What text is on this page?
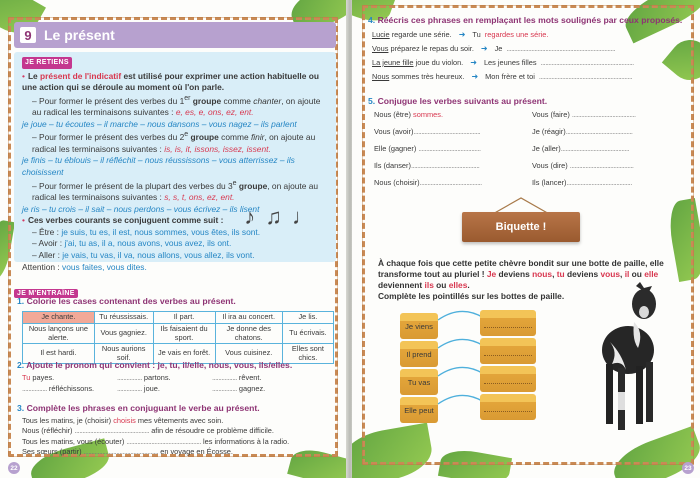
9 Le présent
JE RETIENS
• Le présent de l'indicatif est utilisé pour exprimer une action habituelle ou une action qui se déroule au moment où l'on parle.
– Pour former le présent des verbes du 1er groupe comme chanter, on ajoute au radical les terminaisons suivantes : e, es, e, ons, ez, ent.
je joue – tu écoutes – il marche – nous dansons – vous nagez – ils parlent
– Pour former le présent des verbes du 2e groupe comme finir, on ajoute au radical les terminaisons suivantes : is, is, it, issons, issez, issent.
je finis – tu éblouis – il réfléchit – nous réussissons – vous atterrissez – ils choisissent
– Pour former le présent de la plupart des verbes du 3e groupe, on ajoute au radical les terminaisons suivantes : s, s, t, ons, ez, ent.
je ris – tu crois – il sait – nous perdons – vous écrivez – ils lisent
• Ces verbes courants se conjuguent comme suit :
– Être : je suis, tu es, il est, nous sommes, vous êtes, ils sont.
– Avoir : j'ai, tu as, il a, nous avons, vous avez, ils ont.
– Aller : je vais, tu vas, il va, nous allons, vous allez, ils vont.
Attention : vous faites, vous dites.
♪ ♫ ♩
JE M'ENTRAÎNE
1. Colorie les cases contenant des verbes au présent.
Je chante.	Tu réussissais.	Il part.	Il ira au concert.	Je lis.
Nous lançons une alerte.	Vous gagniez.	Ils faisaient du sport.	Je donne des chatons.	Tu écrivais.
Il est hardi.	Nous aurions soif.	Je vais en forêt.	Vous cuisinez.	Elles sont chics.
2. Ajoute le pronom qui convient : je, tu, il/elle, nous, vous, ils/elles.
Tu payes.	................ partons.	................ rêvent.
................ réfléchissons.	................ joue.	................ gagnez.
3. Complète les phrases en conjuguant le verbe au présent.
Tous les matins, je (choisir) choisis mes vêtements avec soin.
Nous (réfléchir) ................................................ afin de résoudre ce problème difficile.
Tous les matins, vous (écouter) ................................................ les informations à la radio.
Ses sœurs (partir) ................................................ en voyage en Écosse.
22
4. Réécris ces phrases en remplaçant les mots soulignés par ceux proposés.
Lucie regarde une série. ➜ Tu regardes une série.
Vous préparez le repas du soir. ➜ Je ......................................................................
La jeune fille joue du violon. ➜ Les jeunes filles ............................................................
Nous sommes très heureux. ➜ Mon frère et toi ............................................................
5. Conjugue les verbes suivants au présent.
Nous (être) sommes.	Vous (faire) .........................................
Vous (avoir)...........................................	Je (réagir)...........................................
Elle (gagner) ........................................	Je (aller)............................................
Ils (danser)............................................	Vous (dire) .........................................
Nous (choisir)........................................	Ils (lancer)..........................................
Biquette !
À chaque fois que cette petite chèvre bondit sur une botte de paille, elle transforme tout au pluriel ! Je deviens nous, tu deviens vous, il ou elle deviennent ils ou elles.
Complète les pointillés sur les bottes de paille.
Je viens
Il prend
Tu vas
Elle peut
23
